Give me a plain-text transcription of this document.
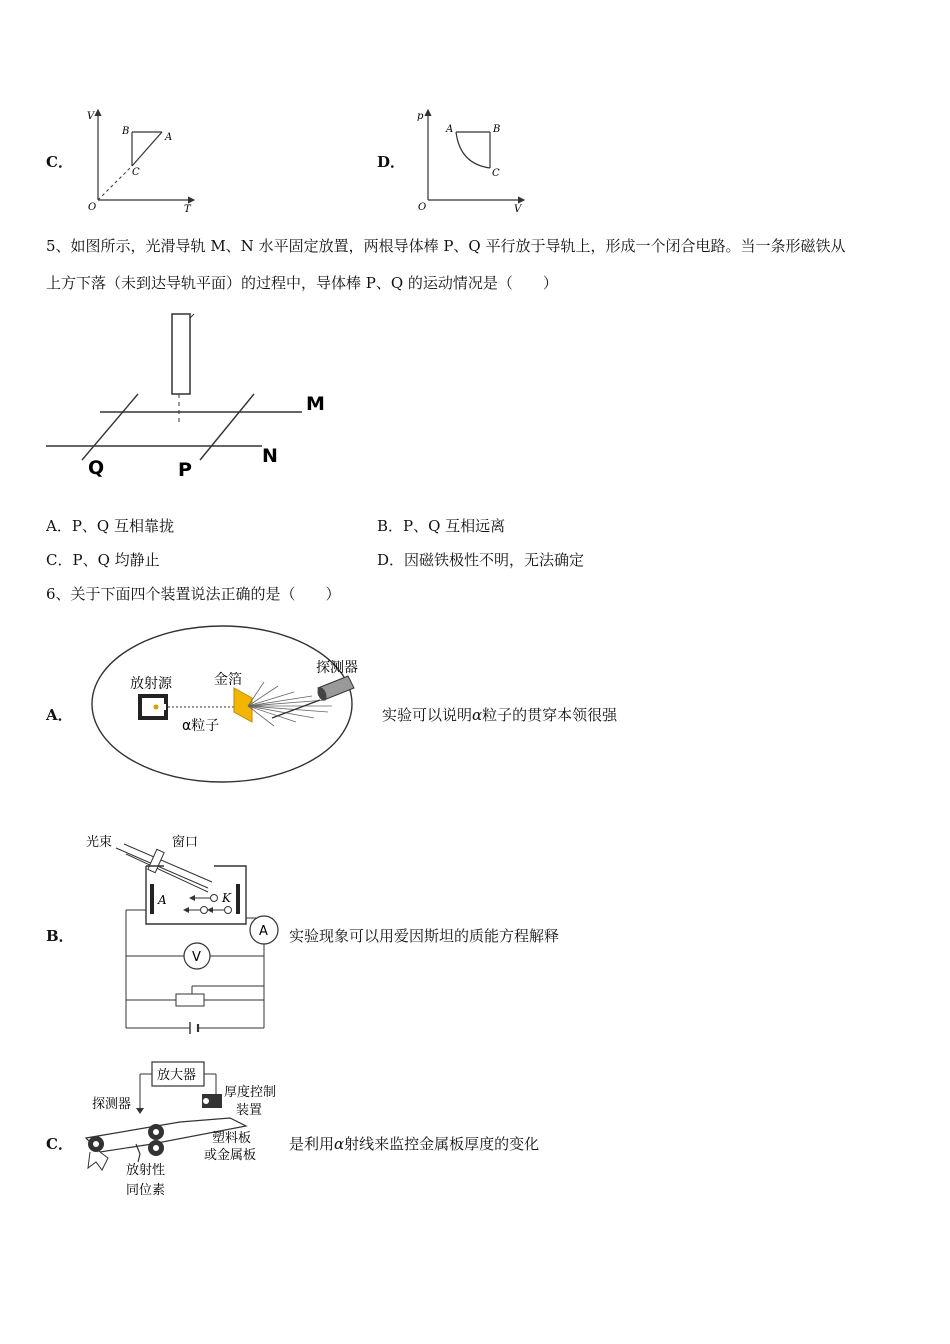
C．
V
T
O
B
A
C
D．
p
V
O
A	B
C
5、如图所示，光滑导轨 M、N 水平固定放置，两根导体棒 P、Q 平行放于导轨上，形成一个闭合电路。当一条形磁铁从
上方下落（未到达导轨平面）的过程中，导体棒 P、Q 的运动情况是（　　）
M
N
Q	P
A．P、Q 互相靠拢	B．P、Q 互相远离
C．P、Q 均静止	D．因磁铁极性不明，无法确定
6、关于下面四个装置说法正确的是（　　）
A．
放射源	金箔
探测器
α粒子
实验可以说明α粒子的贯穿本领很强
B．
A	K
A
V
光束	窗口
实验现象可以用爱因斯坦的质能方程解释
C．
放大器
探测器
厚度控制
装置
塑料板
或金属板
放射性
同位素
是利用α射线来监控金属板厚度的变化
